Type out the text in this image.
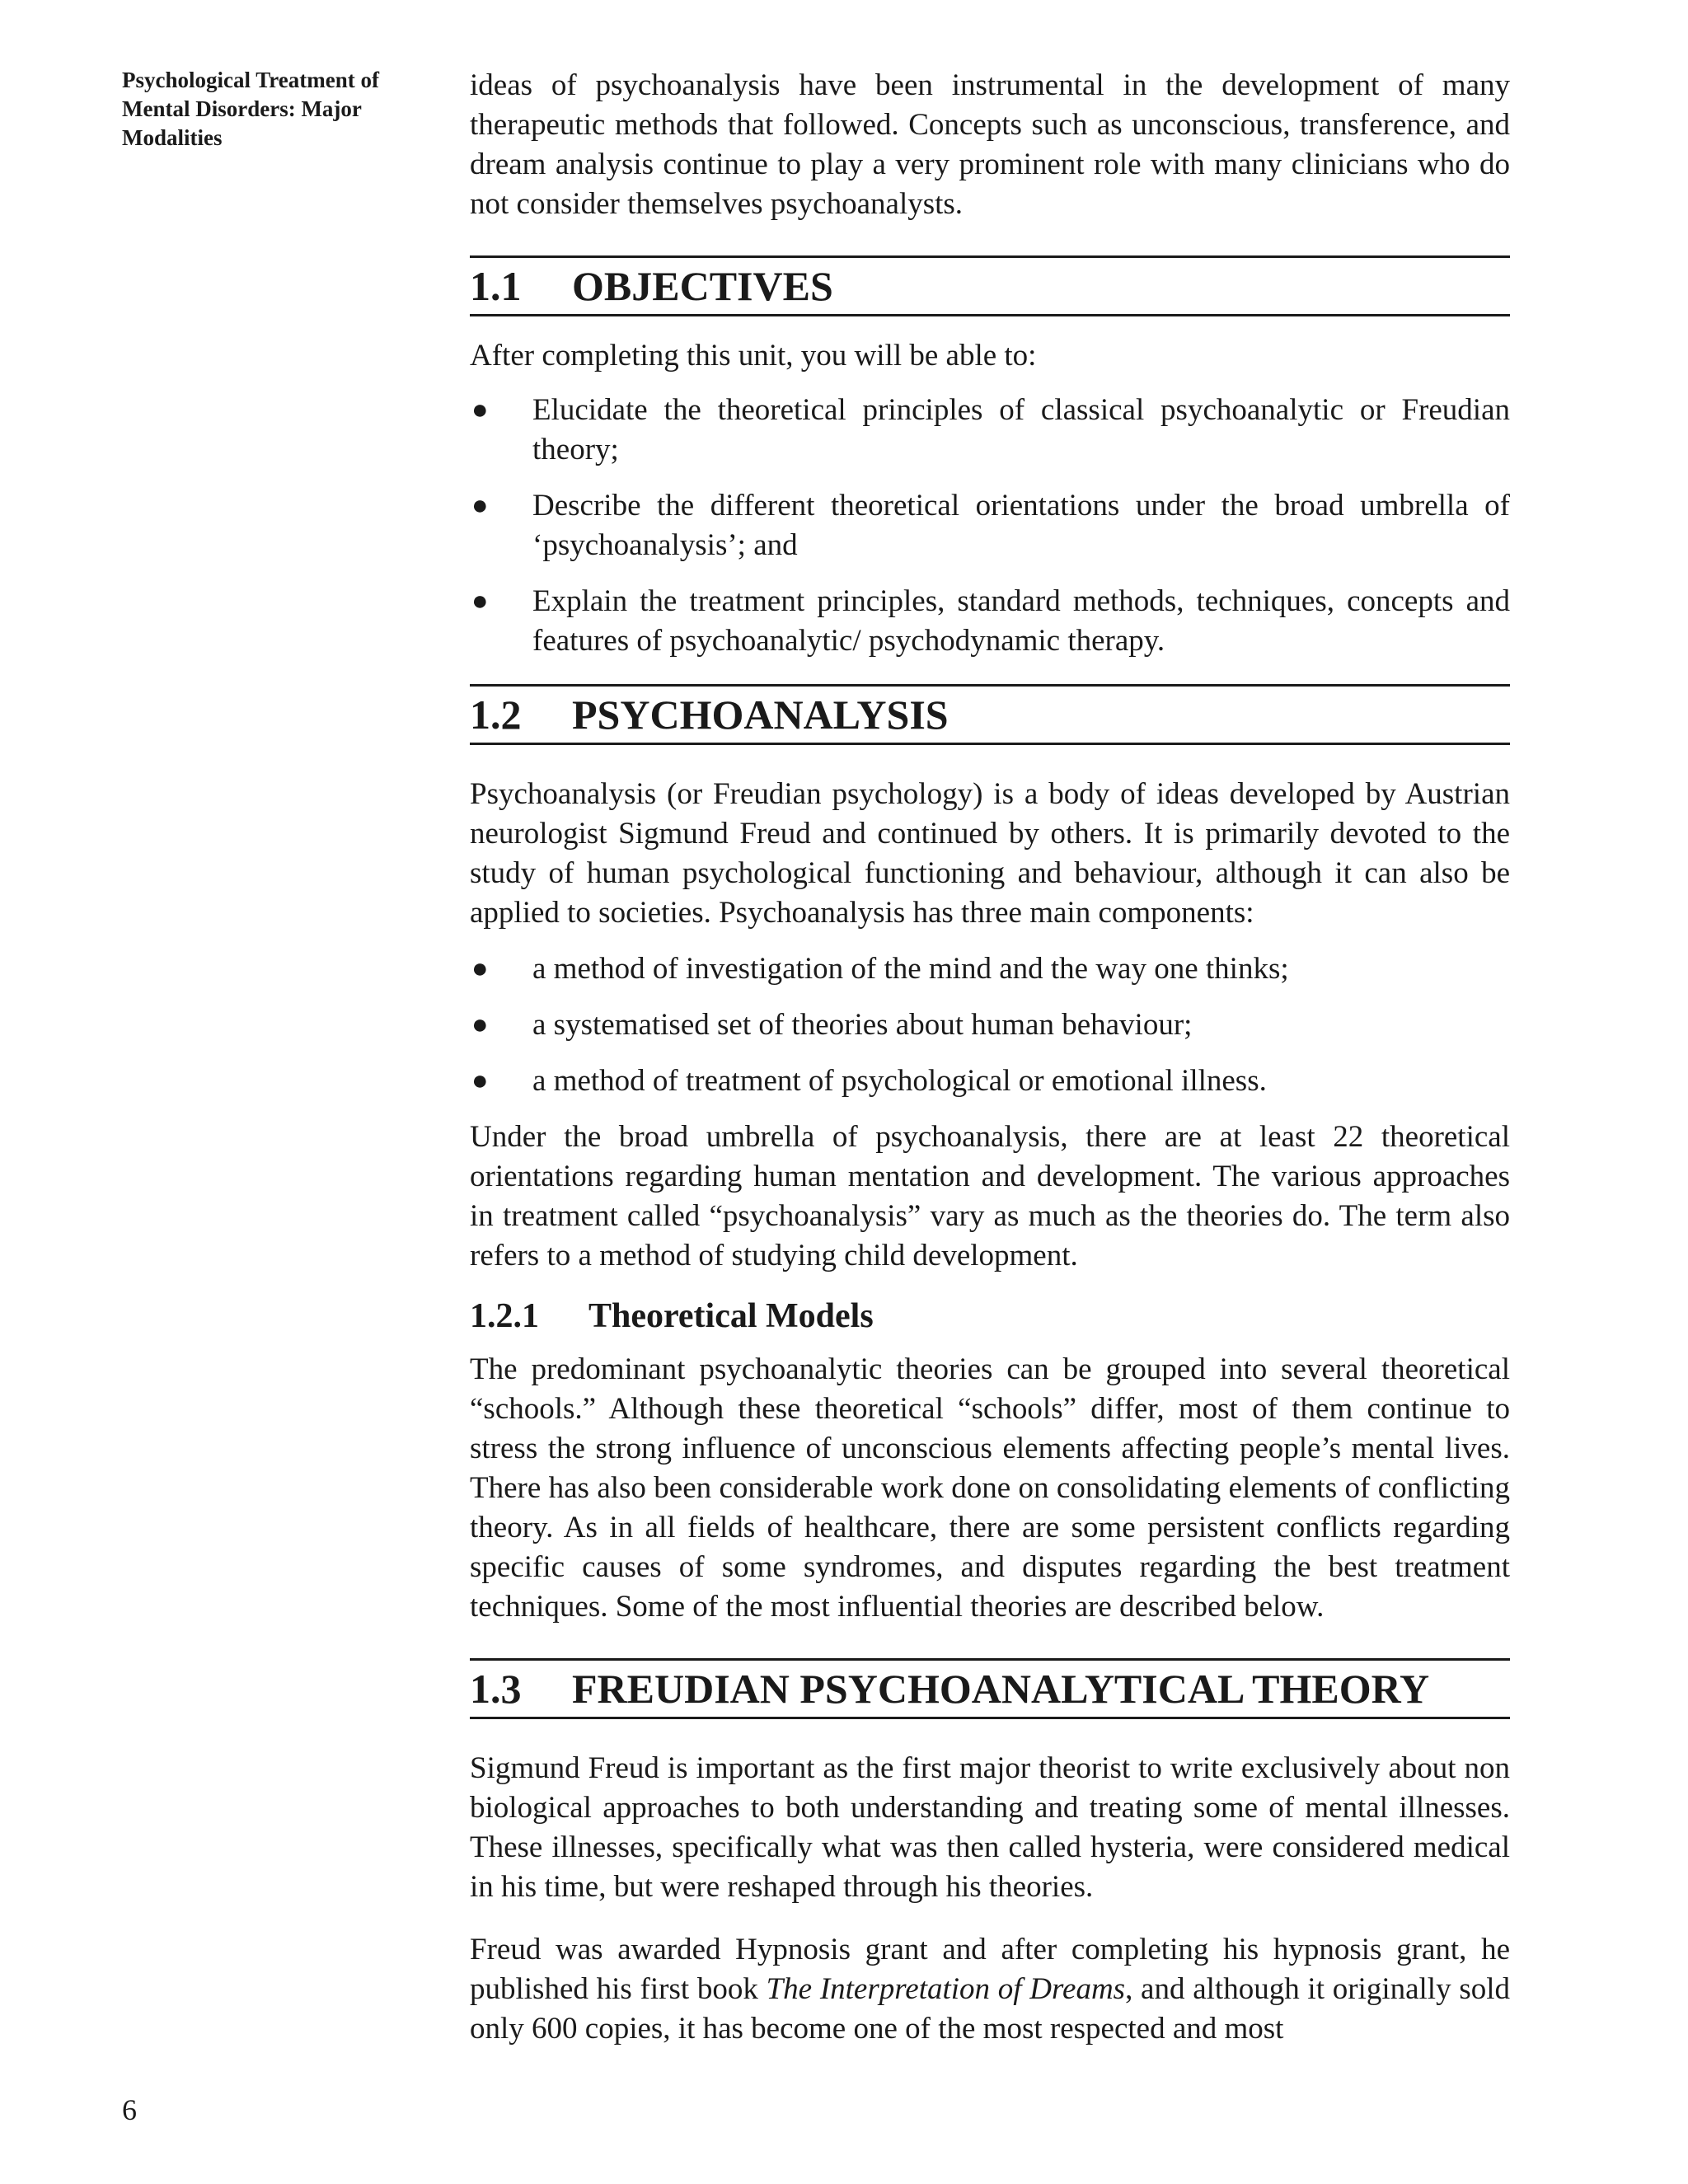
Psychological Treatment of Mental Disorders: Major Modalities
6

ideas of psychoanalysis have been instrumental in the development of many therapeutic methods that followed. Concepts such as unconscious, transference, and dream analysis continue to play a very prominent role with many clinicians who do not consider themselves psychoanalysts.

1.1	OBJECTIVES

After completing this unit, you will be able to:

● Elucidate the theoretical principles of classical psychoanalytic or Freudian theory;
● Describe the different theoretical orientations under the broad umbrella of ‘psychoanalysis’; and
● Explain the treatment principles, standard methods, techniques, concepts and features of psychoanalytic/ psychodynamic therapy.
1.2	PSYCHOANALYSIS

Psychoanalysis (or Freudian psychology) is a body of ideas developed by Austrian neurologist Sigmund Freud and continued by others. It is primarily devoted to the study of human psychological functioning and behaviour, although it can also be applied to societies. Psychoanalysis has three main components:

● a method of investigation of the mind and the way one thinks;
● a systematised set of theories about human behaviour;
● a method of treatment of psychological or emotional illness.

Under the broad umbrella of psychoanalysis, there are at least 22 theoretical orientations regarding human mentation and development. The various approaches in treatment called “psychoanalysis” vary as much as the theories do. The term also refers to a method of studying child development.

1.2.1	Theoretical Models

The predominant psychoanalytic theories can be grouped into several theoretical “schools.” Although these theoretical “schools” differ, most of them continue to stress the strong influence of unconscious elements affecting people’s mental lives. There has also been considerable work done on consolidating elements of conflicting theory. As in all fields of healthcare, there are some persistent conflicts regarding specific causes of some syndromes, and disputes regarding the best treatment techniques. Some of the most influential theories are described below.

1.3	FREUDIAN PSYCHOANALYTICAL THEORY

Sigmund Freud is important as the first major theorist to write exclusively about non biological approaches to both understanding and treating some of mental illnesses. These illnesses, specifically what was then called hysteria, were considered medical in his time, but were reshaped through his theories.

Freud was awarded Hypnosis grant and after completing his hypnosis grant, he published his first book The Interpretation of Dreams, and although it originally sold only 600 copies, it has become one of the most respected and most
